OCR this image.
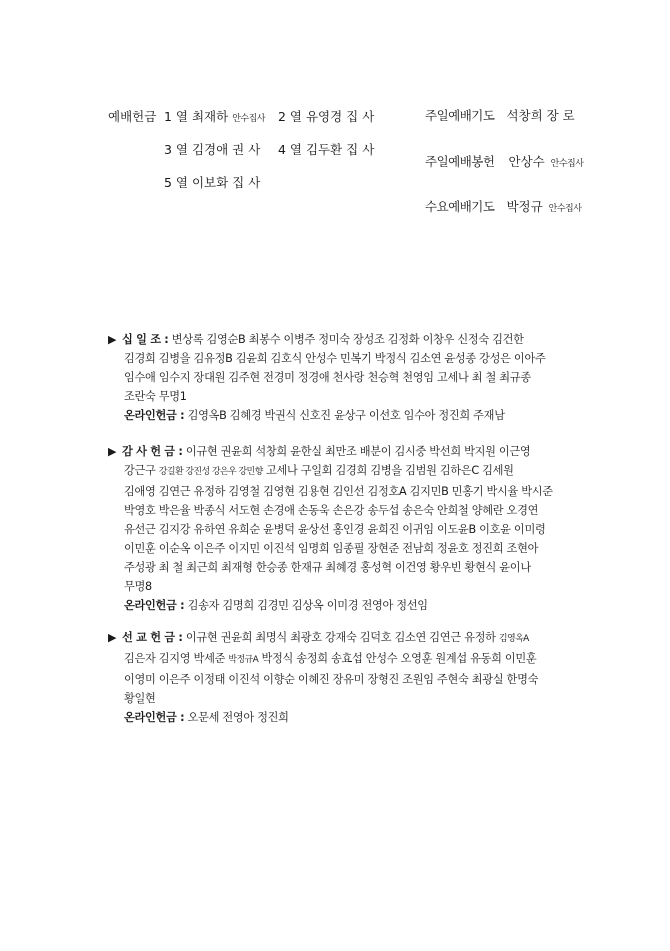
예배헌금 1 열 최재하 안수집사 2 열 유영경 집 사
3 열 김경애 권 사 4 열 김두환 집 사
5 열 이보화 집 사
주일예배기도 석창희 장 로
주일예배봉헌 안상수 안수집사
수요예배기도 박정규 안수집사
▶ 십 일 조 : 변상록 김영순B 최봉수 이병주 정미숙 장성조 김정화 이창우 신정숙 김건한
김경희 김병을 김유정B 김윤희 김호식 안성수 민복기 박정식 김소연 윤성종 강성은 이아주
임수애 임수지 장대원 김주현 전경미 정경애 천사랑 천승혁 천영임 고세나 최 철 최규종
조란숙 무명1
온라인헌금 : 김영옥B 김혜경 박권식 신호진 윤상구 이선호 임수아 정진희 주재남
▶ 감 사 헌 금 : 이규현 권윤희 석창희 윤한실 최만조 배분이 김시중 박선희 박지원 이근영
강근구 강길환 강진성 강은우 강민향 고세나 구일회 김경희 김병을 김범원 김하은C 김세원
김애영 김연근 유정하 김영철 김영현 김용현 김인선 김정호A 김지민B 민홍기 박시율 박시준
박영호 박은율 박종식 서도현 손경애 손동욱 손은강 송두섭 송은숙 안희철 양혜란 오경연
유선근 김지강 유하연 유희순 윤병덕 윤상선 홍인경 윤희진 이귀임 이도윤B 이호윤 이미령
이민훈 이순옥 이은주 이지민 이진석 임명희 임종필 장현준 전남희 정윤호 정진희 조현아
주성광 최 철 최근희 최재형 한승종 한재규 최혜경 홍성혁 이건영 황우빈 황현식 윤이나
무명8
온라인헌금 : 김송자 김명희 김경민 김상옥 이미경 전영아 정선임
▶ 선 교 헌 금 : 이규현 권윤희 최명식 최광호 강재숙 김덕호 김소연 김연근 유정하 김영옥A
김은자 김지영 박세준 박정규A 박정식 송정희 송효섭 안성수 오영훈 원계섭 유동희 이민훈
이영미 이은주 이정태 이진석 이향순 이혜진 장유미 장형진 조원임 주현숙 최광실 한명숙
황일현
온라인헌금 : 오문세 전영아 정진희
